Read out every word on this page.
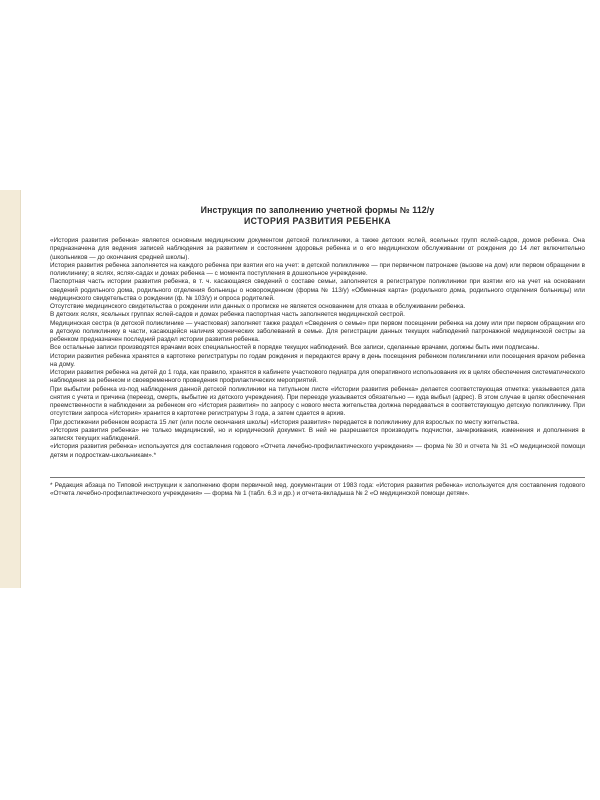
Инструкция по заполнению учетной формы № 112/у
ИСТОРИЯ РАЗВИТИЯ РЕБЕНКА

«История развития ребенка» является основным медицинским документом детской поликлиники, а также детских яслей, ясельных групп яслей-садов, домов ребенка. Она предназначена для ведения записей наблюдения за развитием и состоянием здоровья ребенка и о его медицинском обслуживании от рождения до 14 лет включительно (школьников — до окончания средней школы).

История развития ребенка заполняется на каждого ребенка при взятии его на учет: в детской поликлинике — при первичном патронаже (вызове на дом) или первом обращении в поликлинику; в яслях, яслях-садах и домах ребенка — с момента поступления в дошкольное учреждение.

Паспортная часть истории развития ребенка, в т. ч. касающаяся сведений о составе семьи, заполняется в регистратуре поликлиники при взятии его на учет на основании сведений родильного дома, родильного отделения больницы о новорожденном (форма № 113/у) «Обменная карта» (родильного дома, родильного отделения больницы) или медицинского свидетельства о рождении (ф. № 103/у) и опроса родителей.

Отсутствие медицинского свидетельства о рождении или данных о прописке не является основанием для отказа в обслуживании ребенка.

В детских яслях, ясельных группах яслей-садов и домах ребенка паспортная часть заполняется медицинской сестрой.

Медицинская сестра (в детской поликлинике — участковая) заполняет также раздел «Сведения о семье» при первом посещении ребенка на дому или при первом обращении его в детскую поликлинику в части, касающейся наличия хронических заболеваний в семье. Для регистрации данных текущих наблюдений патронажной медицинской сестры за ребенком предназначен последний раздел истории развития ребенка.

Все остальные записи производятся врачами всех специальностей в порядке текущих наблюдений. Все записи, сделанные врачами, должны быть ими подписаны.

Истории развития ребенка хранятся в картотеке регистратуры по годам рождения и передаются врачу в день посещения ребенком поликлиники или посещения врачом ребенка на дому.

Истории развития ребенка на детей до 1 года, как правило, хранятся в кабинете участкового педиатра для оперативного использования их в целях обеспечения систематического наблюдения за ребенком и своевременного проведения профилактических мероприятий.

При выбытии ребенка из-под наблюдения данной детской поликлиники на титульном листе «Истории развития ребенка» делается соответствующая отметка: указывается дата снятия с учета и причина (переезд, смерть, выбытие из детского учреждения). При переезде указывается обязательно — куда выбыл (адрес). В этом случае в целях обеспечения преемственности в наблюдении за ребенком его «История развития» по запросу с нового места жительства должна передаваться в соответствующую детскую поликлинику. При отсутствии запроса «История» хранится в картотеке регистратуры 3 года, а затем сдается в архив.

При достижении ребенком возраста 15 лет (или после окончания школы) «История развития» передается в поликлинику для взрослых по месту жительства.

«История развития ребенка» не только медицинский, но и юридический документ. В ней не разрешается производить подчистки, зачеркивания, изменения и дополнения в записях текущих наблюдений.

«История развития ребенка» используется для составления годового «Отчета лечебно-профилактического учреждения» — форма № 30 и отчета № 31 «О медицинской помощи детям и подросткам-школьникам».*

* Редакция абзаца по Типовой инструкции к заполнению форм первичной мед. документации от 1983 года: «История развития ребенка» используется для составления годового «Отчета лечебно-профилактического учреждения» — форма № 1 (табл. 6.3 и др.) и отчета-вкладыша № 2 «О медицинской помощи детям».
